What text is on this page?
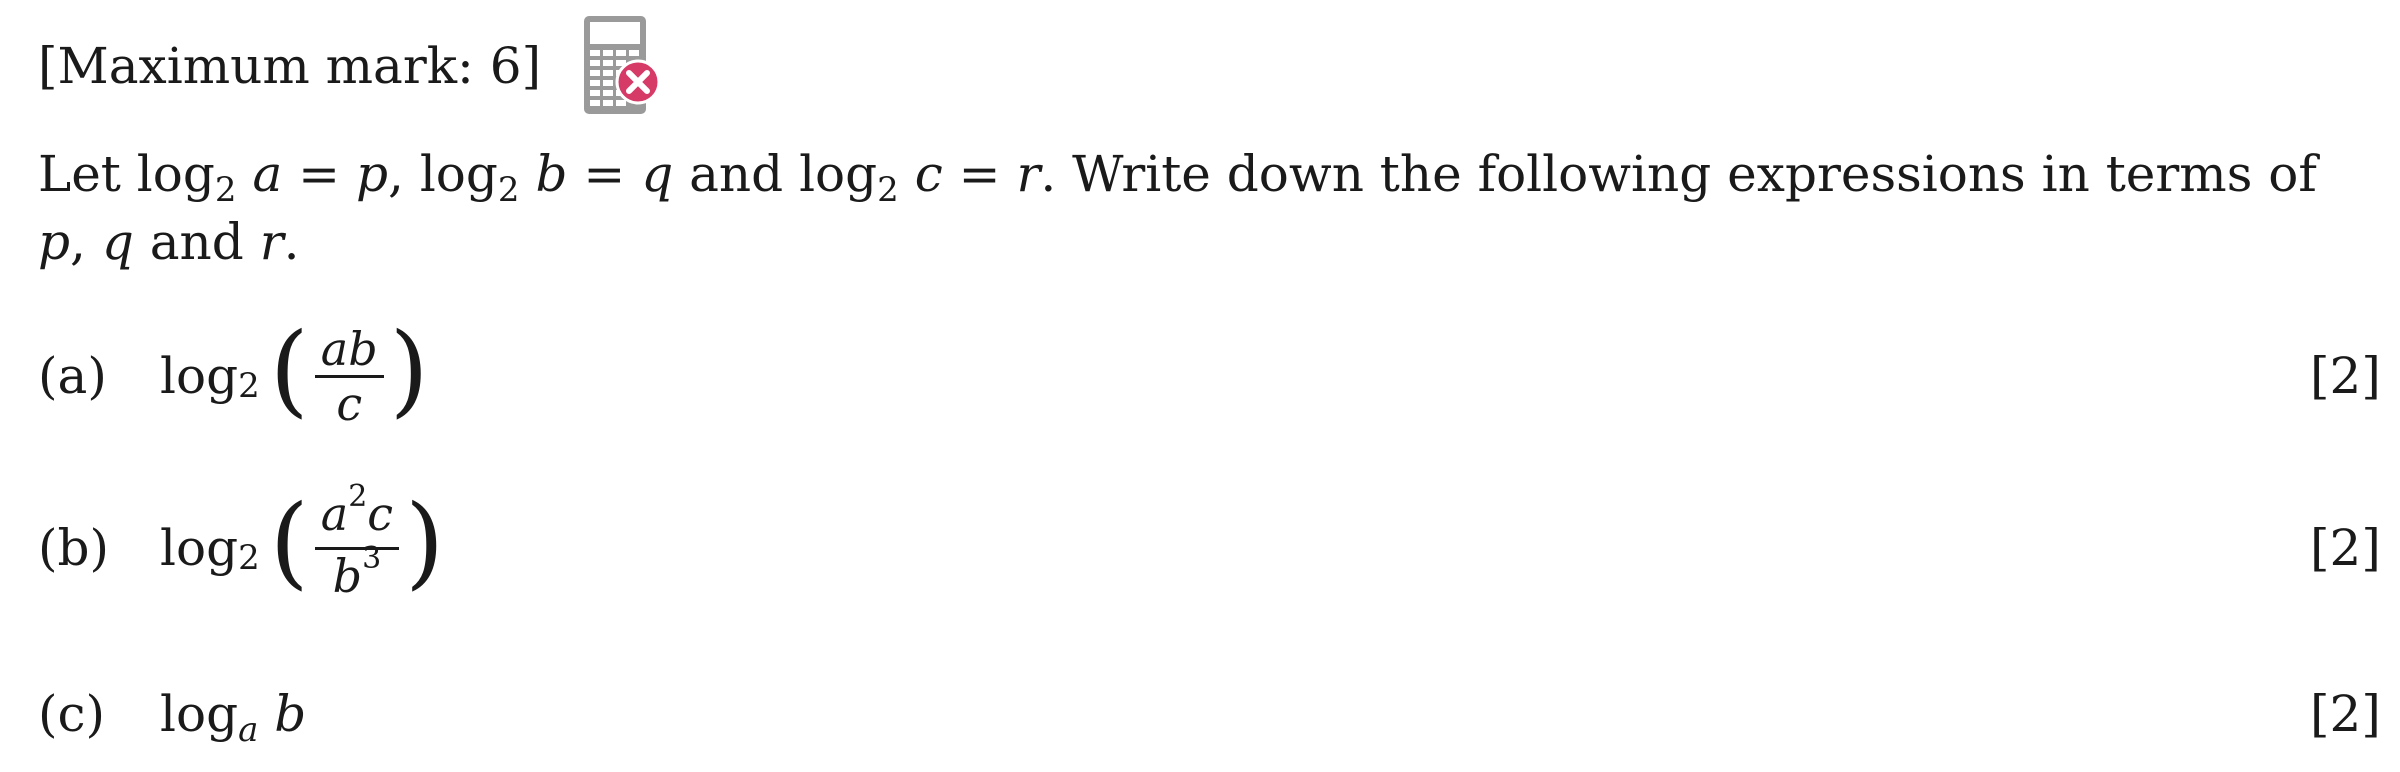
[Maximum mark: 6]
Let $\log_2 a = p$, $\log_2 b = q$ and $\log_2 c = r$. Write down the following expressions in terms of
p, q and r.
(a) log 2 ( $\frac{ab}{c}$ )	[2]
(b) log 2 ( $\frac{a^2c}{b^3}$ )	[2]
(c) $\log_a b$	[2]
